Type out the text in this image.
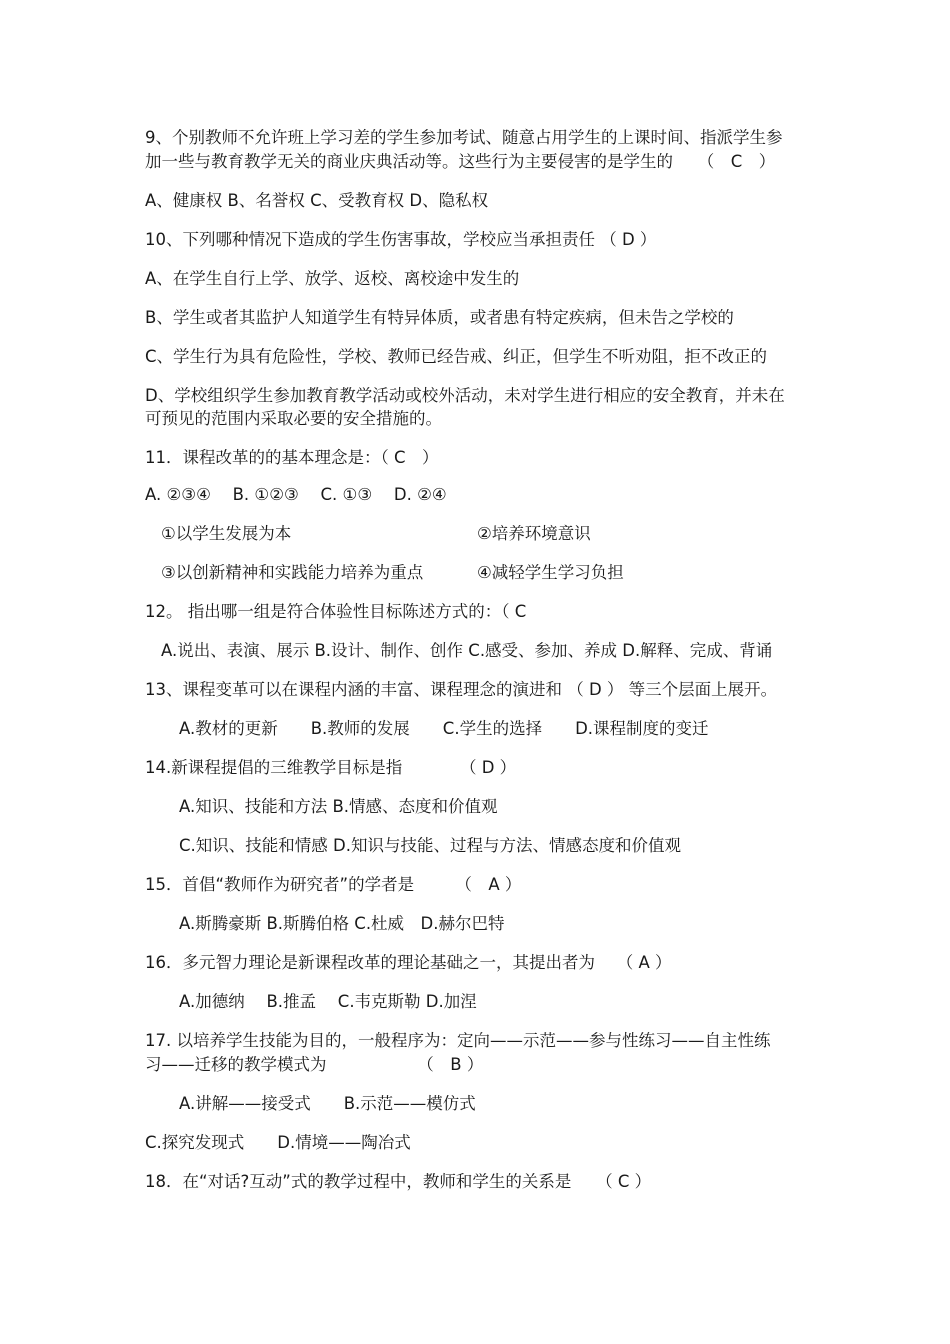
9、个别教师不允许班上学习差的学生参加考试、随意占用学生的上课时间、指派学生参
加一些与教育教学无关的商业庆典活动等。这些行为主要侵害的是学生的　　（　C　）
A、健康权 B、名誉权 C、受教育权 D、隐私权
10、下列哪种情况下造成的学生伤害事故，学校应当承担责任 （ D ）
A、在学生自行上学、放学、返校、离校途中发生的
B、学生或者其监护人知道学生有特异体质，或者患有特定疾病，但未告之学校的
C、学生行为具有危险性，学校、教师已经告戒、纠正，但学生不听劝阻，拒不改正的
D、学校组织学生参加教育教学活动或校外活动，未对学生进行相应的安全教育，并未在
可预见的范围内采取必要的安全措施的。
11．课程改革的的基本理念是：（ C　）
A. ②③④　 B. ①②③　 C. ①③　 D. ②④
①以学生发展为本	②培养环境意识
③以创新精神和实践能力培养为重点	④减轻学生学习负担
12。 指出哪一组是符合体验性目标陈述方式的：（ C
A.说出、表演、展示 B.设计、制作、创作 C.感受、参加、养成 D.解释、完成、背诵
13、课程变革可以在课程内涵的丰富、课程理念的演进和 （ D ） 等三个层面上展开。
A.教材的更新　　B.教师的发展　　C.学生的选择　　D.课程制度的变迁
14.新课程提倡的三维教学目标是指　　　　（ D ）
A.知识、技能和方法 B.情感、态度和价值观
C.知识、技能和情感 D.知识与技能、过程与方法、情感态度和价值观
15．首倡“教师作为研究者”的学者是　　　（　A ）
A.斯腾豪斯 B.斯腾伯格 C.杜威　D.赫尔巴特
16．多元智力理论是新课程改革的理论基础之一，其提出者为　 （ A ）
A.加德纳　 B.推孟　 C.韦克斯勒 D.加涅
17. 以培养学生技能为目的，一般程序为：定向——示范——参与性练习——自主性练
习——迁移的教学模式为　　　　　　（　B ）
A.讲解——接受式　　B.示范——模仿式
C.探究发现式　　D.情境——陶冶式
18．在“对话?互动”式的教学过程中，教师和学生的关系是　　（ C ）
